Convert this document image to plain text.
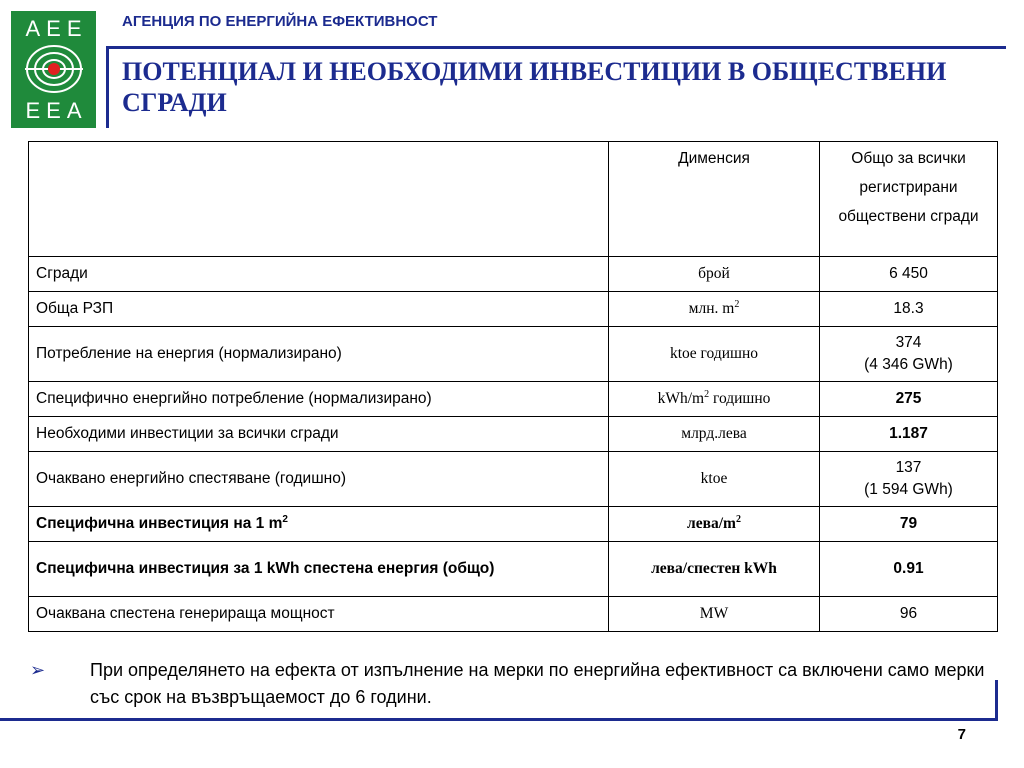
AEE
EEA
АГЕНЦИЯ ПО ЕНЕРГИЙНА ЕФЕКТИВНОСТ
ПОТЕНЦИАЛ И НЕОБХОДИМИ ИНВЕСТИЦИИ В ОБЩЕСТВЕНИ СГРАДИ
	Димeнсия	Общо за всички регистрирани обществени сгради
Сгради	брой	6 450
Обща РЗП	млн. $m^2$	18.3
Потребление на енергия (нормализирано)	ktoe годишно	374
(4 346 GWh)

Специфично енергийно потребление (нормализирано)	kWh/$m^2$ годишно	275
Необходими инвестиции за всички сгради	млрд.лева	1.187
Очаквано енергийно спестяване (годишно)	ktoe	137
(1 594 GWh)

Специфична инвестиция на 1 $m^2$	лева/$m^2$	79
Специфична инвестиция за 1 kWh спестена енергия (общо)	лева/спестен kWh	0.91
Очаквана спестена генерираща мощност	MW	96
➢ При определянето на ефекта от изпълнение на мерки по енергийна ефективност са включени само мерки със срок на възвръщаемост до 6 години.
7
